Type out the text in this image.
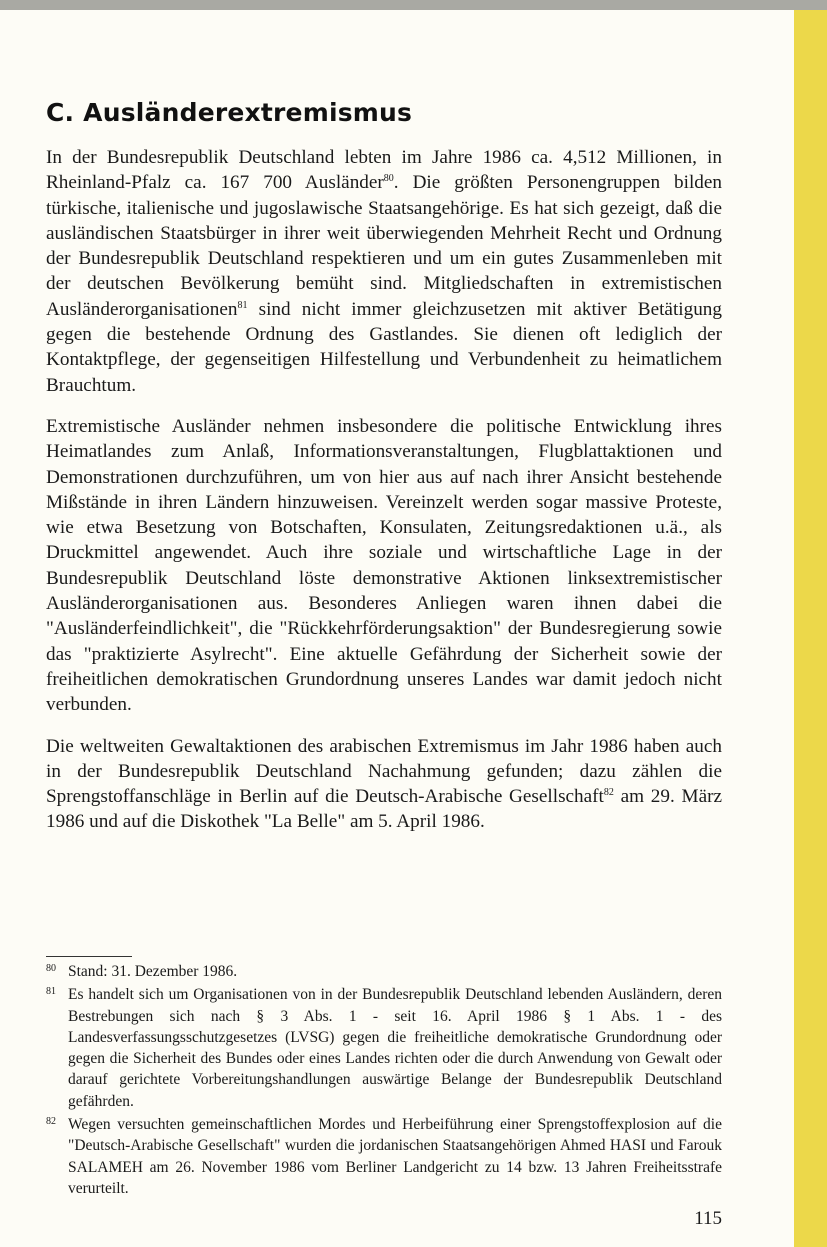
C. Ausländerextremismus

In der Bundesrepublik Deutschland lebten im Jahre 1986 ca. 4,512 Millionen, in Rheinland-Pfalz ca. 167 700 Ausländer$^{80}$. Die größten Personengruppen bilden türkische, italienische und jugoslawische Staatsangehörige. Es hat sich gezeigt, daß die ausländischen Staatsbürger in ihrer weit überwiegenden Mehrheit Recht und Ordnung der Bundesrepublik Deutschland respektieren und um ein gutes Zusammenleben mit der deutschen Bevölkerung bemüht sind. Mitgliedschaften in extremistischen Ausländerorganisationen$^{81}$ sind nicht immer gleichzusetzen mit aktiver Betätigung gegen die bestehende Ordnung des Gastlandes. Sie dienen oft lediglich der Kontaktpflege, der gegenseitigen Hilfestellung und Verbundenheit zu heimatlichem Brauchtum.

Extremistische Ausländer nehmen insbesondere die politische Entwicklung ihres Heimatlandes zum Anlaß, Informationsveranstaltungen, Flugblattaktionen und Demonstrationen durchzuführen, um von hier aus auf nach ihrer Ansicht bestehende Mißstände in ihren Ländern hinzuweisen. Vereinzelt werden sogar massive Proteste, wie etwa Besetzung von Botschaften, Konsulaten, Zeitungsredaktionen u.ä., als Druckmittel angewendet. Auch ihre soziale und wirtschaftliche Lage in der Bundesrepublik Deutschland löste demonstrative Aktionen linksextremistischer Ausländerorganisationen aus. Besonderes Anliegen waren ihnen dabei die "Ausländerfeindlichkeit", die "Rückkehrförderungsaktion" der Bundesregierung sowie das "praktizierte Asylrecht". Eine aktuelle Gefährdung der Sicherheit sowie der freiheitlichen demokratischen Grundordnung unseres Landes war damit jedoch nicht verbunden.

Die weltweiten Gewaltaktionen des arabischen Extremismus im Jahr 1986 haben auch in der Bundesrepublik Deutschland Nachahmung gefunden; dazu zählen die Sprengstoffanschläge in Berlin auf die Deutsch-Arabische Gesellschaft$^{82}$ am 29. März 1986 und auf die Diskothek "La Belle" am 5. April 1986.

80 Stand: 31. Dezember 1986.
81 Es handelt sich um Organisationen von in der Bundesrepublik Deutschland lebenden Ausländern, deren Bestrebungen sich nach § 3 Abs. 1 - seit 16. April 1986 § 1 Abs. 1 - des Landesverfassungsschutzgesetzes (LVSG) gegen die freiheitliche demokratische Grundordnung oder gegen die Sicherheit des Bundes oder eines Landes richten oder die durch Anwendung von Gewalt oder darauf gerichtete Vorbereitungshandlungen auswärtige Belange der Bundesrepublik Deutschland gefährden.
82 Wegen versuchten gemeinschaftlichen Mordes und Herbeiführung einer Sprengstoffexplosion auf die "Deutsch-Arabische Gesellschaft" wurden die jordanischen Staatsangehörigen Ahmed HASI und Farouk SALAMEH am 26. November 1986 vom Berliner Landgericht zu 14 bzw. 13 Jahren Freiheitsstrafe verurteilt.
115
